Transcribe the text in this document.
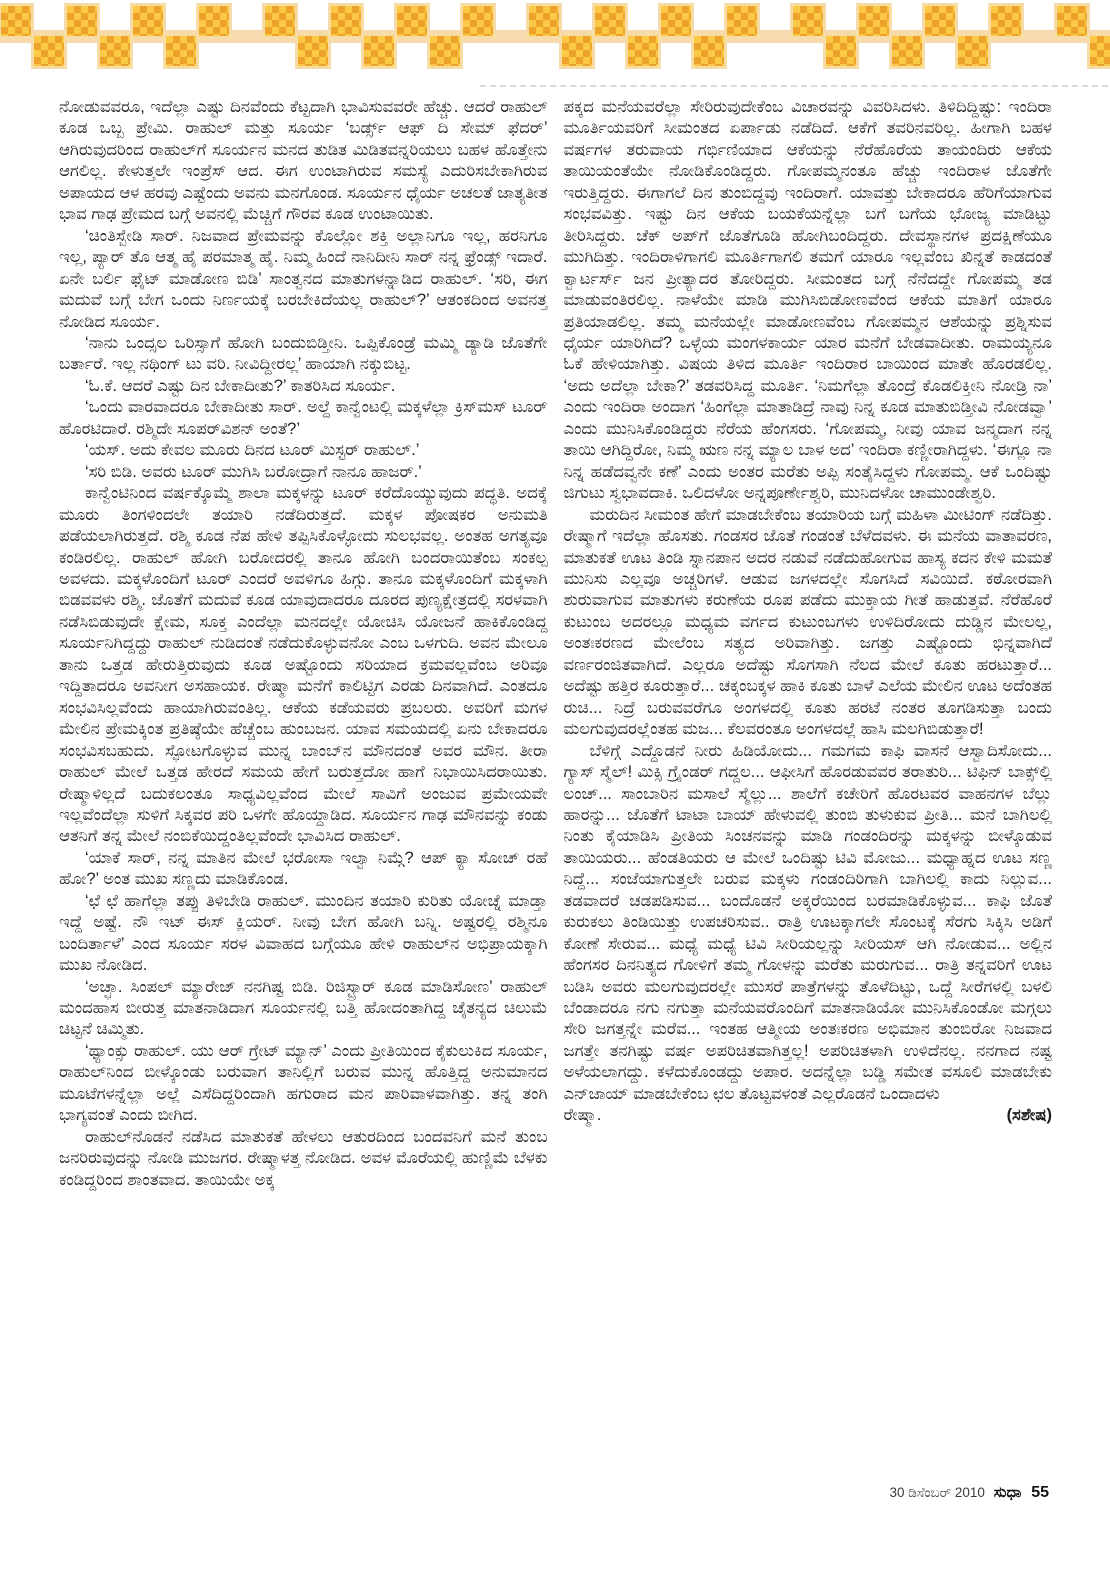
ನೋಡುವವರೂ, ಇದೆಲ್ಲಾ ಎಷ್ಟು ದಿನವೆಂದು ಕೆಟ್ಟದಾಗಿ ಭಾವಿಸುವವರೇ ಹೆಚ್ಚು. ಆದರೆ ರಾಹುಲ್ ಕೂಡ ಒಬ್ಬ ಪ್ರೇಮಿ. ರಾಹುಲ್ ಮತ್ತು ಸೂರ್ಯ ‘ಬರ್ಡ್ಸ್ ಆಫ್ ದಿ ಸೇಮ್ ಫೆದರ್’ ಆಗಿರುವುದರಿಂದ ರಾಹುಲ್‌ಗೆ ಸೂರ್ಯನ ಮನದ ತುಡಿತ ಮಿಡಿತವನ್ನರಿಯಲು ಬಹಳ ಹೊತ್ತೇನು ಆಗಲಿಲ್ಲ. ಕೇಳುತ್ತಲೇ ಇಂಪ್ರೆಸ್ ಆದ. ಈಗ ಉಂಟಾಗಿರುವ ಸಮಸ್ಯೆ ಎದುರಿಸಬೇಕಾಗಿರುವ ಅಪಾಯದ ಆಳ ಹರವು ಎಷ್ಟೆಂದು ಅವನು ಮನಗೊಂಡ. ಸೂರ್ಯನ ಧೈರ್ಯ ಅಚಲತೆ ಜಾತ್ಯತೀತ ಭಾವ ಗಾಢ ಪ್ರೇಮದ ಬಗ್ಗೆ ಅವನಲ್ಲಿ ಮೆಚ್ಚಿಗೆ ಗೌರವ ಕೂಡ ಉಂಟಾಯಿತು.

‘ಚಿಂತಿಸ್ಬೇಡಿ ಸಾರ್. ನಿಜವಾದ ಪ್ರೇಮವನ್ನು ಕೊಲ್ಲೋ ಶಕ್ತಿ ಅಲ್ಲಾನಿಗೂ ಇಲ್ಲ, ಹರನಿಗೂ ಇಲ್ಲ, ಪ್ಯಾರ್ ತೊ ಆತ್ಮ ಹೈ ಪರಮಾತ್ಮ ಹೈ. ನಿಮ್ಮ ಹಿಂದೆ ನಾನಿದೀನಿ ಸಾರ್ ನನ್ನ ಫ್ರೆಂಡ್ಸ್ ಇದಾರೆ. ಏನೇ ಬರ್ಲಿ ಫೈಟ್ ಮಾಡೋಣ ಬಿಡಿ’ ಸಾಂತ್ವನದ ಮಾತುಗಳನ್ನಾಡಿದ ರಾಹುಲ್. ‘ಸರಿ, ಈಗ ಮದುವೆ ಬಗ್ಗೆ ಬೇಗ ಒಂದು ನಿರ್ಣಯಕ್ಕೆ ಬರಬೇಕಿದೆಯಲ್ಲ ರಾಹುಲ್?’ ಆತಂಕದಿಂದ ಅವನತ್ತ ನೋಡಿದ ಸೂರ್ಯ.

‘ನಾನು ಒಂದ್ಸಲ ಒರಿಸ್ಸಾಗೆ ಹೋಗಿ ಬಂದುಬಿಡ್ತೀನಿ. ಒಪ್ಪಿಕೊಂಡ್ರೆ ಮಮ್ಮಿ ಡ್ಯಾಡಿ ಜೊತೆಗೇ ಬರ್ತಾರೆ. ಇಲ್ಲ ನಥಿಂಗ್ ಟು ವರಿ. ನೀವಿದ್ದೀರಲ್ಲ’ ಹಾಯಾಗಿ ನಕ್ಕುಬಿಟ್ಟ.

‘ಓ.ಕೆ. ಆದರೆ ಎಷ್ಟು ದಿನ ಬೇಕಾದೀತು?’ ಕಾತರಿಸಿದ ಸೂರ್ಯ.

‘ಒಂದು ವಾರವಾದರೂ ಬೇಕಾದೀತು ಸಾರ್. ಅಲ್ದೆ ಕಾನ್ವೆಂಟಲ್ಲಿ ಮಕ್ಕಳೆಲ್ಲಾ ಕ್ರಿಸ್‌ಮಸ್ ಟೂರ್ ಹೊರಟಿದಾರೆ. ರಶ್ಮಿದೇ ಸೂಪರ್‌ವಿಶನ್ ಅಂತೆ?’

‘ಯಸ್. ಅದು ಕೇವಲ ಮೂರು ದಿನದ ಟೂರ್ ಮಿಸ್ಟರ್ ರಾಹುಲ್.’

‘ಸರಿ ಬಿಡಿ. ಅವರು ಟೂರ್ ಮುಗಿಸಿ ಬರೋದ್ರಾಗೆ ನಾನೂ ಹಾಜರ್.’

ಕಾನ್ವೆಂಟಿನಿಂದ ವರ್ಷಕ್ಕೊಮ್ಮೆ ಶಾಲಾ ಮಕ್ಕಳನ್ನು ಟೂರ್ ಕರೆದೊಯ್ಯುವುದು ಪದ್ಧತಿ. ಅದಕ್ಕೆ ಮೂರು ತಿಂಗಳಿಂದಲೇ ತಯಾರಿ ನಡೆದಿರುತ್ತದೆ. ಮಕ್ಕಳ ಪೋಷಕರ ಅನುಮತಿ ಪಡೆಯಲಾಗಿರುತ್ತದೆ. ರಶ್ಮಿ ಕೂಡ ನೆಪ ಹೇಳಿ ತಪ್ಪಿಸಿಕೊಳ್ಳೋದು ಸುಲಭವಲ್ಲ. ಅಂತಹ ಅಗತ್ಯವೂ ಕಂಡಿರಲಿಲ್ಲ. ರಾಹುಲ್ ಹೋಗಿ ಬರೋದರಲ್ಲಿ ತಾನೂ ಹೋಗಿ ಬಂದರಾಯಿತೆಂಬ ಸಂಕಲ್ಪ ಅವಳದು. ಮಕ್ಕಳೊಂದಿಗೆ ಟೂರ್ ಎಂದರೆ ಅವಳಿಗೂ ಹಿಗ್ಗು. ತಾನೂ ಮಕ್ಕಳೊಂದಿಗೆ ಮಕ್ಕಳಾಗಿ ಬಿಡವವಳು ರಶ್ಮಿ. ಜೊತೆಗೆ ಮದುವೆ ಕೂಡ ಯಾವುದಾದರೂ ದೂರದ ಪುಣ್ಯಕ್ಷೇತ್ರದಲ್ಲಿ ಸರಳವಾಗಿ ನಡೆಸಿಬಿಡುವುದೇ ಕ್ಷೇಮ, ಸೂಕ್ತ ಎಂದೆಲ್ಲಾ ಮನದಲ್ಲೇ ಯೋಚಿಸಿ ಯೋಜನೆ ಹಾಕಿಕೊಂಡಿದ್ದ ಸೂರ್ಯನಿಗಿದ್ದದ್ದು ರಾಹುಲ್ ನುಡಿದಂತೆ ನಡೆದುಕೊಳ್ಳುವನೋ ಎಂಬ ಒಳಗುದಿ. ಅವನ ಮೇಲೂ ತಾನು ಒತ್ತಡ ಹೇರುತ್ತಿರುವುದು ಕೂಡ ಅಷ್ಟೊಂದು ಸರಿಯಾದ ಕ್ರಮವಲ್ಲವೆಂಬ ಅರಿವೂ ಇದ್ದಿತಾದರೂ ಅವನೀಗ ಅಸಹಾಯಕ. ರೇಷ್ಮಾ ಮನೆಗೆ ಕಾಲಿಟ್ಟಿಗ ಎರಡು ದಿನವಾಗಿದೆ. ಎಂತದೂ ಸಂಭವಿಸಿಲ್ಲವೆಂದು ಹಾಯಾಗಿರುವಂತಿಲ್ಲ. ಆಕೆಯ ಕಡೆಯವರು ಪ್ರಬಲರು. ಅವರಿಗೆ ಮಗಳ ಮೇಲಿನ ಪ್ರೇಮಕ್ಕಿಂತ ಪ್ರತಿಷ್ಠೆಯೇ ಹೆಚ್ಚೆಂಬ ಹುಂಬಜನ. ಯಾವ ಸಮಯದಲ್ಲಿ ಏನು ಬೇಕಾದರೂ ಸಂಭವಿಸಬಹುದು. ಸ್ಫೋಟಗೊಳ್ಳುವ ಮುನ್ನ ಬಾಂಬ್‌ನ ಮೌನದಂತೆ ಅವರ ಮೌನ. ತೀರಾ ರಾಹುಲ್ ಮೇಲೆ ಒತ್ತಡ ಹೇರದೆ ಸಮಯ ಹೇಗೆ ಬರುತ್ತದೋ ಹಾಗೆ ನಿಭಾಯಿಸಿದರಾಯಿತು. ರೇಷ್ಮಾಳಿಲ್ಲದೆ ಬದುಕಲಂತೂ ಸಾಧ್ಯವಿಲ್ಲವೆಂದ ಮೇಲೆ ಸಾವಿಗೆ ಅಂಜುವ ಪ್ರಮೇಯವೇ ಇಲ್ಲವೆಂದೆಲ್ಲಾ ಸುಳಿಗೆ ಸಿಕ್ಕವರ ಪರಿ ಒಳಗೇ ಹೊಯ್ದಾಡಿದ. ಸೂರ್ಯನ ಗಾಢ ಮೌನವನ್ನು ಕಂಡು ಆತನಿಗೆ ತನ್ನ ಮೇಲೆ ನಂಬಿಕೆಯಿದ್ದಂತಿಲ್ಲವೆಂದೇ ಭಾವಿಸಿದ ರಾಹುಲ್.

‘ಯಾಕೆ ಸಾರ್, ನನ್ನ ಮಾತಿನ ಮೇಲೆ ಭರೋಸಾ ಇಲ್ವಾ ನಿಮ್ಗೆ? ಆಪ್ ಕ್ಯಾ ಸೋಚ್ ರಹೆ ಹೋ?’ ಅಂತ ಮುಖ ಸಣ್ಣದು ಮಾಡಿಕೊಂಡ.

‘ಛೆ ಛೆ ಹಾಗೆಲ್ಲಾ ತಪ್ಪು ತಿಳಿಬೇಡಿ ರಾಹುಲ್. ಮುಂದಿನ ತಯಾರಿ ಕುರಿತು ಯೋಚ್ನೆ ಮಾಡ್ತಾ ಇದ್ದೆ ಅಷ್ಟೆ. ನೌ ಇಟ್ ಈಸ್ ಕ್ಲಿಯರ್. ನೀವು ಬೇಗ ಹೋಗಿ ಬನ್ನಿ. ಅಷ್ಟರಲ್ಲಿ ರಶ್ಮಿನೂ ಬಂದಿರ್ತಾಳೆ’ ಎಂದ ಸೂರ್ಯ ಸರಳ ವಿವಾಹದ ಬಗ್ಗೆಯೂ ಹೇಳಿ ರಾಹುಲ್‌ನ ಅಭಿಪ್ರಾಯಕ್ಕಾಗಿ ಮುಖ ನೋಡಿದ.

‘ಅಚ್ಛಾ. ಸಿಂಪಲ್ ಮ್ಯಾರೇಜ್ ನನಗಿಷ್ಟ ಬಿಡಿ. ರಿಜಿಸ್ಟ್ರಾರ್ ಕೂಡ ಮಾಡಿಸೋಣ’ ರಾಹುಲ್ ಮಂದಹಾಸ ಬೀರುತ್ತ ಮಾತನಾಡಿದಾಗ ಸೂರ್ಯನಲ್ಲಿ ಬತ್ತಿ ಹೋದಂತಾಗಿದ್ದ ಚೈತನ್ಯದ ಚಿಲುಮೆ ಚಿಟ್ಟನೆ ಚಿಮ್ಮಿತು.

‘ಥ್ಯಾಂಕ್ಸು ರಾಹುಲ್. ಯು ಆರ್ ಗ್ರೇಟ್ ಮ್ಯಾನ್’ ಎಂದು ಪ್ರೀತಿಯಿಂದ ಕೈಕುಲುಕಿದ ಸೂರ್ಯ, ರಾಹುಲ್‌ನಿಂದ ಬೀಳ್ಕೊಂಡು ಬರುವಾಗ ತಾನಿಲ್ಲಿಗೆ ಬರುವ ಮುನ್ನ ಹೊತ್ತಿದ್ದ ಅನುಮಾನದ ಮೂಟೆಗಳನ್ನೆಲ್ಲಾ ಅಲ್ಲೆ ಎಸೆದಿದ್ದರಿಂದಾಗಿ ಹಗುರಾದ ಮನ ಪಾರಿವಾಳವಾಗಿತ್ತು. ತನ್ನ ತಂಗಿ ಭಾಗ್ಯವಂತೆ ಎಂದು ಬೀಗಿದ.

ರಾಹುಲ್‌ನೊಡನೆ ನಡೆಸಿದ ಮಾತುಕತೆ ಹೇಳಲು ಆತುರದಿಂದ ಬಂದವನಿಗೆ ಮನೆ ತುಂಬ ಜನರಿರುವುದನ್ನು ನೋಡಿ ಮುಜಗರ. ರೇಷ್ಮಾಳತ್ತ ನೋಡಿದ. ಅವಳ ಮೊರೆಯಲ್ಲಿ ಹುಣ್ಣಿಮೆ ಬೆಳಕು ಕಂಡಿದ್ದರಿಂದ ಶಾಂತವಾದ. ತಾಯಿಯೇ ಅಕ್ಕ

ಪಕ್ಕದ ಮನೆಯವರೆಲ್ಲಾ ಸೇರಿರುವುದೇಕೆಂಬ ವಿಚಾರವನ್ನು ವಿವರಿಸಿದಳು. ತಿಳಿದಿದ್ದಿಷ್ಟು: ಇಂದಿರಾ ಮೂರ್ತಿಯವರಿಗೆ ಸೀಮಂತದ ಏರ್ಪಾಡು ನಡೆದಿದೆ. ಆಕೆಗೆ ತವರಿನವರಿಲ್ಲ. ಹೀಗಾಗಿ ಬಹಳ ವರ್ಷಗಳ ತರುವಾಯ ಗರ್ಭಿಣಿಯಾದ ಆಕೆಯನ್ನು ನೆರೆಹೊರೆಯ ತಾಯಂದಿರು ಆಕೆಯ ತಾಯಿಯಂತೆಯೇ ನೋಡಿಕೊಂಡಿದ್ದರು. ಗೋಪಮ್ಮನಂತೂ ಹೆಚ್ಚು ಇಂದಿರಾಳ ಜೊತೆಗೇ ಇರುತ್ತಿದ್ದರು. ಈಗಾಗಲೆ ದಿನ ತುಂಬಿದ್ದವು ಇಂದಿರಾಗೆ. ಯಾವತ್ತು ಬೇಕಾದರೂ ಹೆರಿಗೆಯಾಗುವ ಸಂಭವವಿತ್ತು. ಇಷ್ಟು ದಿನ ಆಕೆಯ ಬಯಕೆಯನ್ನೆಲ್ಲಾ ಬಗೆ ಬಗೆಯ ಭೋಜ್ಯ ಮಾಡಿಟ್ಟು ತೀರಿಸಿದ್ದರು. ಚೆಕ್ ಅಪ್‌ಗೆ ಜೊತೆಗೂಡಿ ಹೋಗಿಬಂದಿದ್ದರು. ದೇವಸ್ಥಾನಗಳ ಪ್ರದಕ್ಷಿಣೆಯೂ ಮುಗಿದಿತ್ತು. ಇಂದಿರಾಳಿಗಾಗಲಿ ಮೂರ್ತಿಗಾಗಲಿ ತಮಗೆ ಯಾರೂ ಇಲ್ಲವೆಂಬ ಖಿನ್ನತೆ ಕಾಡದಂತೆ ಕ್ವಾರ್ಟರ್ಸ್ ಜನ ಪ್ರೀತ್ಯಾದರ ತೋರಿದ್ದರು. ಸೀಮಂತದ ಬಗ್ಗೆ ನೆನೆದದ್ದೇ ಗೋಪಮ್ಮ ತಡ ಮಾಡುವಂತಿರಲಿಲ್ಲ. ನಾಳೆಯೇ ಮಾಡಿ ಮುಗಿಸಿಬಿಡೋಣವೆಂದ ಆಕೆಯ ಮಾತಿಗೆ ಯಾರೂ ಪ್ರತಿಯಾಡಲಿಲ್ಲ. ತಮ್ಮ ಮನೆಯಲ್ಲೇ ಮಾಡೋಣವೆಂಬ ಗೋಪಮ್ಮನ ಆಶೆಯನ್ನು ಪ್ರಶ್ನಿಸುವ ಧೈರ್ಯ ಯಾರಿಗಿದೆ? ಒಳ್ಳೆಯ ಮಂಗಳಕಾರ್ಯ ಯಾರ ಮನೆಗೆ ಬೇಡವಾದೀತು. ರಾಮಯ್ಯನೂ ಓಕೆ ಹೇಳಿಯಾಗಿತ್ತು. ವಿಷಯ ತಿಳಿದ ಮೂರ್ತಿ ಇಂದಿರಾರ ಬಾಯಿಂದ ಮಾತೇ ಹೊರಡಲಿಲ್ಲ. ‘ಅದು ಅದೆಲ್ಲಾ ಬೇಕಾ?’ ತಡವರಿಸಿದ್ದ ಮೂರ್ತಿ. ‘ನಿಮಗೆಲ್ಲಾ ತೊಂದ್ರೆ ಕೊಡಲಿಕ್ತೀನಿ ನೋಡ್ರಿ ನಾ’ ಎಂದು ಇಂದಿರಾ ಅಂದಾಗ ‘ಹಿಂಗೆಲ್ಲಾ ಮಾತಾಡಿದ್ರೆ ನಾವು ನಿನ್ನ ಕೂಡ ಮಾತುಬಿಡ್ತೀವಿ ನೋಡವ್ವಾ’ ಎಂದು ಮುನಿಸಿಕೊಂಡಿದ್ದರು ನೆರೆಯ ಹೆಂಗಸರು. ‘ಗೋಪಮ್ಮ, ನೀವು ಯಾವ ಜನ್ಮದಾಗ ನನ್ನ ತಾಯಿ ಆಗಿದ್ದಿರೋ, ನಿಮ್ಮ ಋಣ ನನ್ನ ಮ್ಯಾಲ ಬಾಳ ಅದ’ ಇಂದಿರಾ ಕಣ್ಣೀರಾಗಿದ್ದಳು. ‘ಈಗ್ಲೂ ನಾ ನಿನ್ನ ಹಡೆದವ್ವನೇ ಕಣೆ’ ಎಂದು ಅಂತರ ಮರೆತು ಅಪ್ಪಿ ಸಂತೈಸಿದ್ದಳು ಗೋಪಮ್ಮ. ಆಕೆ ಒಂದಿಷ್ಟು ಜಿಗುಟು ಸ್ವಭಾವದಾಕಿ. ಒಲಿದಳೋ ಅನ್ನಪೂರ್ಣೇಶ್ವರಿ, ಮುನಿದಳೋ ಚಾಮುಂಡೇಶ್ವರಿ.

ಮರುದಿನ ಸೀಮಂತ ಹೇಗೆ ಮಾಡಬೇಕೆಂಬ ತಯಾರಿಯ ಬಗ್ಗೆ ಮಹಿಳಾ ಮೀಟಿಂಗ್ ನಡೆದಿತ್ತು. ರೇಷ್ಮಾಗೆ ಇದೆಲ್ಲಾ ಹೊಸತು. ಗಂಡಸರ ಜೊತೆ ಗಂಡಂತೆ ಬೆಳೆದವಳು. ಈ ಮನೆಯ ವಾತಾವರಣ, ಮಾತುಕತೆ ಊಟ ತಿಂಡಿ ಸ್ನಾನಪಾನ ಅದರ ನಡುವೆ ನಡೆದುಹೋಗುವ ಹಾಸ್ಯ ಕದನ ಕೇಳಿ ಮಮತೆ ಮುನಿಸು ಎಲ್ಲವೂ ಅಚ್ಚರಿಗಳೆ. ಆಡುವ ಜಗಳದಲ್ಲೇ ಸೊಗಸಿದೆ ಸವಿಯಿದೆ. ಕಠೋರವಾಗಿ ಶುರುವಾಗುವ ಮಾತುಗಳು ಕರುಣೆಯ ರೂಪ ಪಡೆದು ಮುಕ್ತಾಯ ಗೀತೆ ಹಾಡುತ್ತವೆ. ನೆರೆಹೊರೆ ಕುಟುಂಬ ಅದರಲ್ಲೂ ಮಧ್ಯಮ ವರ್ಗದ ಕುಟುಂಬಗಳು ಉಳಿದಿರೋದು ದುಡ್ಡಿನ ಮೇಲಲ್ಲ, ಅಂತಃಕರಣದ ಮೇಲೆಂಬ ಸತ್ಯದ ಅರಿವಾಗಿತ್ತು. ಜಗತ್ತು ಎಷ್ಟೊಂದು ಭಿನ್ನವಾಗಿದೆ ವರ್ಣರಂಜಿತವಾಗಿದೆ. ಎಲ್ಲರೂ ಅದೆಷ್ಟು ಸೊಗಸಾಗಿ ನೆಲದ ಮೇಲೆ ಕೂತು ಹರಟುತ್ತಾರೆ... ಅದೆಷ್ಟು ಹತ್ತಿರ ಕೂರುತ್ತಾರೆ... ಚಕ್ಕಂಬಕ್ಕಳ ಹಾಕಿ ಕೂತು ಬಾಳೆ ಎಲೆಯ ಮೇಲಿನ ಊಟ ಅದೆಂತಹ ರುಚಿ... ನಿದ್ರೆ ಬರುವವರೆಗೂ ಅಂಗಳದಲ್ಲಿ ಕೂತು ಹರಟೆ ನಂತರ ತೂಗಡಿಸುತ್ತಾ ಬಂದು ಮಲಗುವುದರಲ್ಲೆಂತಹ ಮಜ... ಕೆಲವರಂತೂ ಅಂಗಳದಲ್ಲೆ ಹಾಸಿ ಮಲಗಿಬಿಡುತ್ತಾರೆ!

ಬೆಳಿಗ್ಗೆ ಎದ್ದೊಡನೆ ನೀರು ಹಿಡಿಯೋದು... ಗಮಗಮ ಕಾಫಿ ವಾಸನೆ ಆಸ್ವಾದಿಸೋದು... ಗ್ಯಾಸ್ ಸ್ಮೆಲ್! ಮಿಕ್ಸಿ ಗ್ರೈಂಡರ್ ಗದ್ದಲ... ಆಫೀಸಿಗೆ ಹೊರಡುವವರ ತರಾತುರಿ... ಟಿಫಿನ್ ಬಾಕ್ಸ್‌ಲ್ಲಿ ಲಂಚ್... ಸಾಂಬಾರಿನ ಮಸಾಲೆ ಸ್ಮೆಲ್ಲು... ಶಾಲೆಗೆ ಕಚೇರಿಗೆ ಹೊರಟವರ ವಾಹನಗಳ ಬೆಲ್ಲು ಹಾರನ್ನು... ಜೊತೆಗೆ ಟಾಟಾ ಬಾಯ್ ಹೇಳುವಲ್ಲಿ ತುಂಬಿ ತುಳುಕುವ ಪ್ರೀತಿ... ಮನೆ ಬಾಗಿಲಲ್ಲಿ ನಿಂತು ಕೈಯಾಡಿಸಿ ಪ್ರೀತಿಯ ಸಿಂಚನವನ್ನು ಮಾಡಿ ಗಂಡಂದಿರನ್ನು ಮಕ್ಕಳನ್ನು ಬೀಳ್ಕೊಡುವ ತಾಯಿಯರು... ಹೆಂಡತಿಯರು ಆ ಮೇಲೆ ಒಂದಿಷ್ಟು ಟಿವಿ ಮೋಜು... ಮಧ್ಯಾಹ್ನದ ಊಟ ಸಣ್ಣ ನಿದ್ದೆ... ಸಂಜೆಯಾಗುತ್ತಲೇ ಬರುವ ಮಕ್ಕಳು ಗಂಡಂದಿರಿಗಾಗಿ ಬಾಗಿಲಲ್ಲಿ ಕಾದು ನಿಲ್ಲುವ... ತಡವಾದರೆ ಚಡಪಡಿಸುವ... ಬಂದೊಡನೆ ಅಕ್ಕರೆಯಿಂದ ಬರಮಾಡಿಕೊಳ್ಳುವ... ಕಾಫಿ ಜೊತೆ ಕುರುಕಲು ತಿಂಡಿಯಿತ್ತು ಉಪಚರಿಸುವ.. ರಾತ್ರಿ ಊಟಕ್ಕಾಗಲೇ ಸೊಂಟಕ್ಕೆ ಸೆರಗು ಸಿಕ್ಕಿಸಿ ಅಡಿಗೆ ಕೋಣೆ ಸೇರುವ... ಮಧ್ಯೆ ಮಧ್ಯೆ ಟಿವಿ ಸೀರಿಯಲ್ಲನ್ನು ಸೀರಿಯಸ್ ಆಗಿ ನೋಡುವ... ಅಲ್ಲಿನ ಹೆಂಗಸರ ದಿನನಿತ್ಯದ ಗೋಳಿಗೆ ತಮ್ಮ ಗೋಳನ್ನು ಮರೆತು ಮರುಗುವ... ರಾತ್ರಿ ತನ್ನವರಿಗೆ ಊಟ ಬಡಿಸಿ ಅವರು ಮಲಗುವುದರಲ್ಲೇ ಮುಸರೆ ಪಾತ್ರೆಗಳನ್ನು ತೊಳೆದಿಟ್ಟು, ಒದ್ದೆ ಸೀರೆಗಳಲ್ಲಿ ಬಳಲಿ ಬೆಂಡಾದರೂ ನಗು ನಗುತ್ತಾ ಮನೆಯವರೊಂದಿಗೆ ಮಾತನಾಡಿಯೋ ಮುನಿಸಿಕೊಂಡೋ ಮಗ್ಗಲು ಸೇರಿ ಜಗತ್ತನ್ನೇ ಮರೆವ... ಇಂತಹ ಆತ್ಮೀಯ ಅಂತಃಕರಣ ಅಭಿಮಾನ ತುಂಬಿರೋ ನಿಜವಾದ ಜಗತ್ತೇ ತನಗಿಷ್ಟು ವರ್ಷ ಅಪರಿಚಿತವಾಗಿತ್ತಲ್ಲ! ಅಪರಿಚಿತಳಾಗಿ ಉಳಿದೆನಲ್ಲ. ನನಗಾದ ನಷ್ಟ ಅಳೆಯಲಾಗದ್ದು. ಕಳೆದುಕೊಂಡದ್ದು ಅಪಾರ. ಅದನ್ನೆಲ್ಲಾ ಬಡ್ಡಿ ಸಮೇತ ವಸೂಲಿ ಮಾಡಬೇಕು ಎನ್‌ಜಾಯ್ ಮಾಡಬೇಕೆಂಬ ಛಲ ತೊಟ್ಟವಳಂತೆ ಎಲ್ಲರೊಡನೆ ಒಂದಾದಳು

ರೇಷ್ಮಾ.	(ಸಶೇಷ)
30 ಡಿಸೆಂಬರ್ 2010 ಸುಧಾ 55
